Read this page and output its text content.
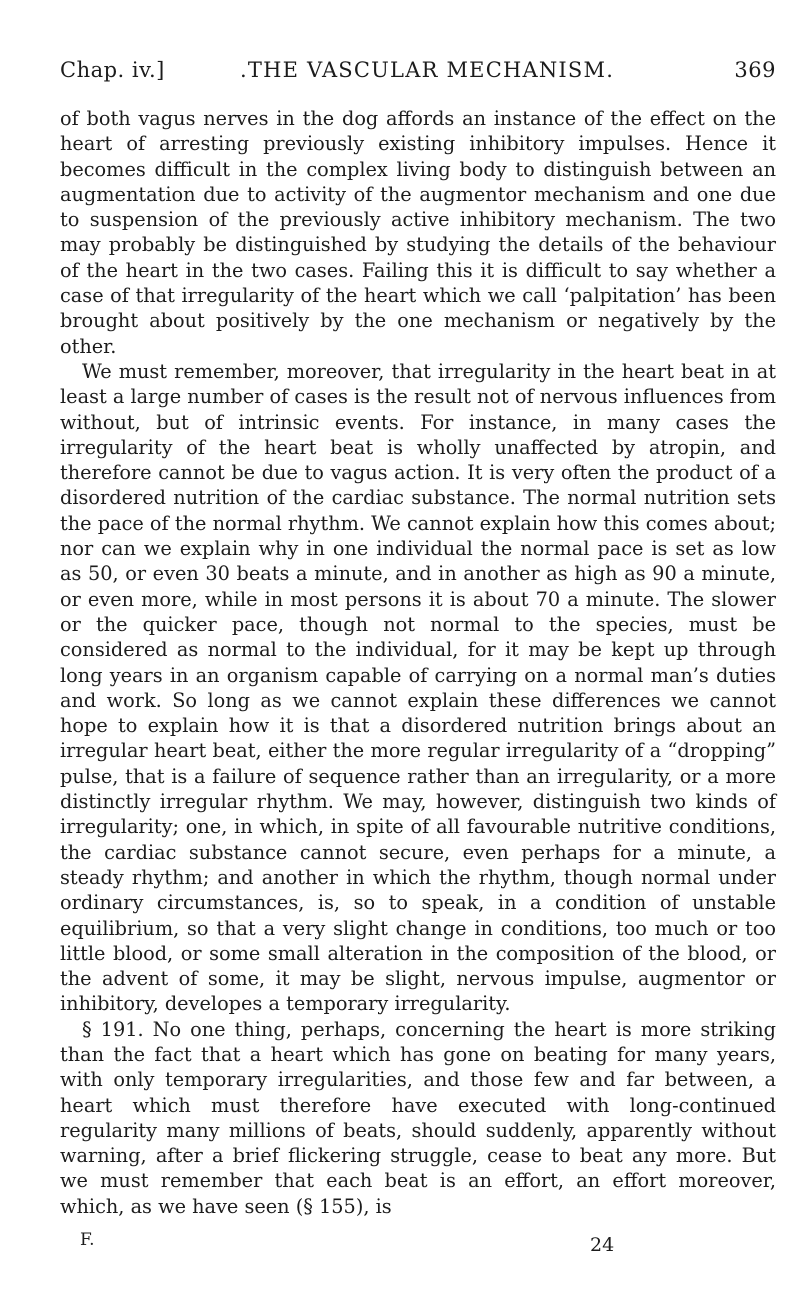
Chap. iv.]	.THE VASCULAR MECHANISM.	369

of both vagus nerves in the dog affords an instance of the effect on the heart of arresting previously existing inhibitory impulses. Hence it becomes difficult in the complex living body to distinguish between an augmentation due to activity of the augmentor mechanism and one due to suspension of the previously active inhibitory mechanism. The two may probably be distinguished by studying the details of the behaviour of the heart in the two cases. Failing this it is difficult to say whether a case of that irregularity of the heart which we call ‘palpitation’ has been brought about positively by the one mechanism or negatively by the other.

We must remember, moreover, that irregularity in the heart beat in at least a large number of cases is the result not of nervous influences from without, but of intrinsic events. For instance, in many cases the irregularity of the heart beat is wholly unaffected by atropin, and therefore cannot be due to vagus action. It is very often the product of a disordered nutrition of the cardiac substance. The normal nutrition sets the pace of the normal rhythm. We cannot explain how this comes about; nor can we explain why in one individual the normal pace is set as low as 50, or even 30 beats a minute, and in another as high as 90 a minute, or even more, while in most persons it is about 70 a minute. The slower or the quicker pace, though not normal to the species, must be considered as normal to the individual, for it may be kept up through long years in an organism capable of carrying on a normal man’s duties and work. So long as we cannot explain these differences we cannot hope to explain how it is that a disordered nutrition brings about an irregular heart beat, either the more regular irregularity of a “dropping” pulse, that is a failure of sequence rather than an irregularity, or a more distinctly irregular rhythm. We may, however, distinguish two kinds of irregularity; one, in which, in spite of all favourable nutritive conditions, the cardiac substance cannot secure, even perhaps for a minute, a steady rhythm; and another in which the rhythm, though normal under ordinary circumstances, is, so to speak, in a condition of unstable equilibrium, so that a very slight change in conditions, too much or too little blood, or some small alteration in the composition of the blood, or the advent of some, it may be slight, nervous impulse, augmentor or inhibitory, developes a temporary irregularity.

§ 191. No one thing, perhaps, concerning the heart is more striking than the fact that a heart which has gone on beating for many years, with only temporary irregularities, and those few and far between, a heart which must therefore have executed with long-continued regularity many millions of beats, should suddenly, apparently without warning, after a brief flickering struggle, cease to beat any more. But we must remember that each beat is an effort, an effort moreover, which, as we have seen (§ 155), is

F.	24
